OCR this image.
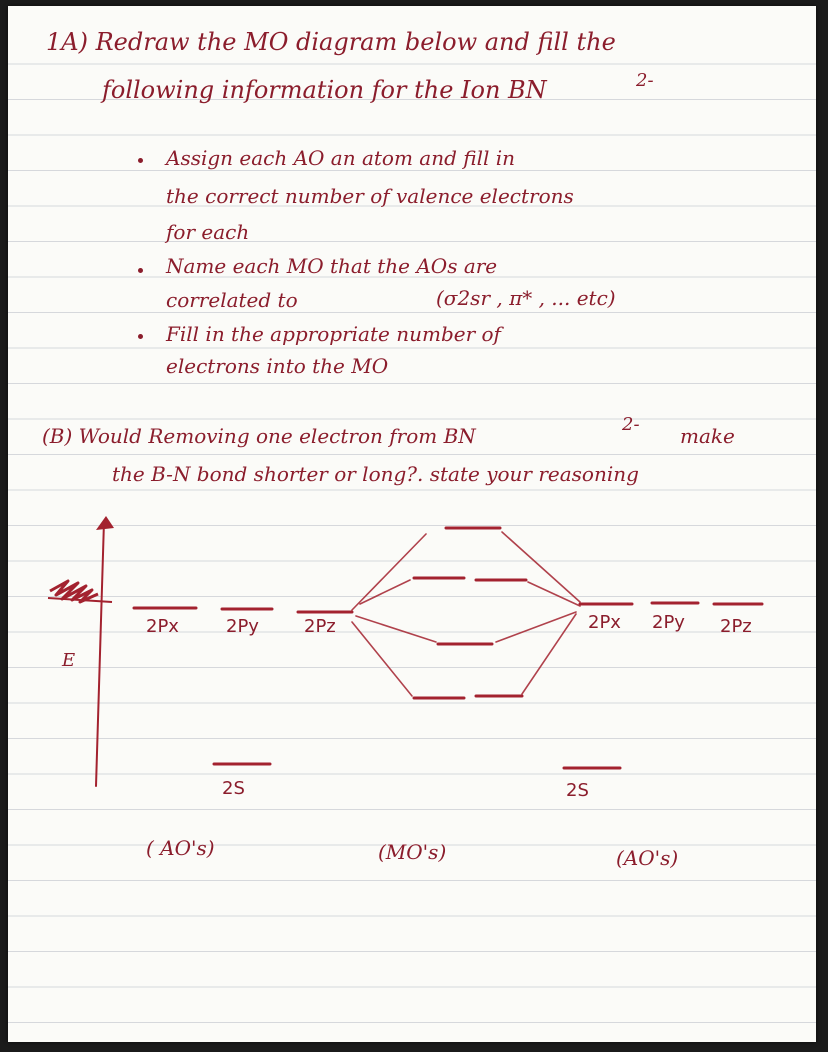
1A) Redraw the MO diagram below and fill the
following information for the Ion BN	2-
Assign each AO an atom and fill in
the correct number of valence electrons
for each
Name each MO that the AOs are
correlated to	(σ2sr , π* , ... etc)
Fill in the appropriate number of
electrons into the MO
(B) Would Removing one electron from BN	2- make
the B-N bond shorter or long?. state your reasoning
E
2Px	2Py	2Pz	2Px 2Py 2Pz
2S	2S
( AO's)	(MO's)	(AO's)
